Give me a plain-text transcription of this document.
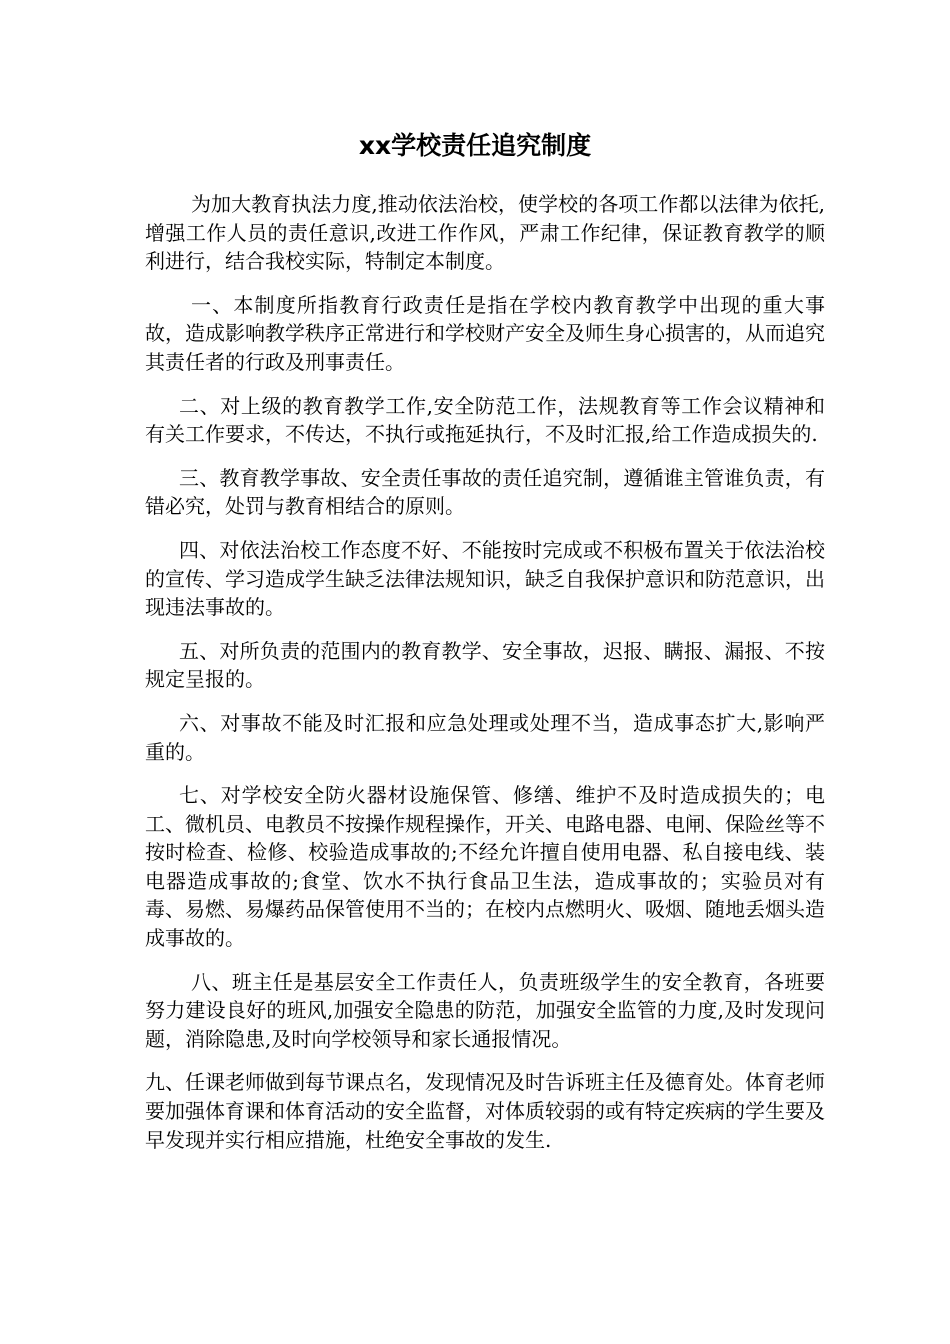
xx学校责任追究制度

为加大教育执法力度,推动依法治校，使学校的各项工作都以法律为依托,增强工作人员的责任意识,改进工作作风，严肃工作纪律，保证教育教学的顺利进行，结合我校实际，特制定本制度。

一、本制度所指教育行政责任是指在学校内教育教学中出现的重大事故，造成影响教学秩序正常进行和学校财产安全及师生身心损害的，从而追究其责任者的行政及刑事责任。

二、对上级的教育教学工作,安全防范工作，法规教育等工作会议精神和有关工作要求，不传达，不执行或拖延执行，不及时汇报,给工作造成损失的.

三、教育教学事故、安全责任事故的责任追究制，遵循谁主管谁负责，有错必究，处罚与教育相结合的原则。

四、对依法治校工作态度不好、不能按时完成或不积极布置关于依法治校的宣传、学习造成学生缺乏法律法规知识，缺乏自我保护意识和防范意识，出现违法事故的。

五、对所负责的范围内的教育教学、安全事故，迟报、瞒报、漏报、不按规定呈报的。

六、对事故不能及时汇报和应急处理或处理不当，造成事态扩大,影响严重的。

七、对学校安全防火器材设施保管、修缮、维护不及时造成损失的；电工、微机员、电教员不按操作规程操作，开关、电路电器、电闸、保险丝等不按时检查、检修、校验造成事故的;不经允许擅自使用电器、私自接电线、装电器造成事故的;食堂、饮水不执行食品卫生法，造成事故的；实验员对有毒、易燃、易爆药品保管使用不当的；在校内点燃明火、吸烟、随地丢烟头造成事故的。

八、班主任是基层安全工作责任人，负责班级学生的安全教育，各班要努力建设良好的班风,加强安全隐患的防范，加强安全监管的力度,及时发现问题，消除隐患,及时向学校领导和家长通报情况。

九、任课老师做到每节课点名，发现情况及时告诉班主任及德育处。体育老师要加强体育课和体育活动的安全监督，对体质较弱的或有特定疾病的学生要及早发现并实行相应措施，杜绝安全事故的发生.
